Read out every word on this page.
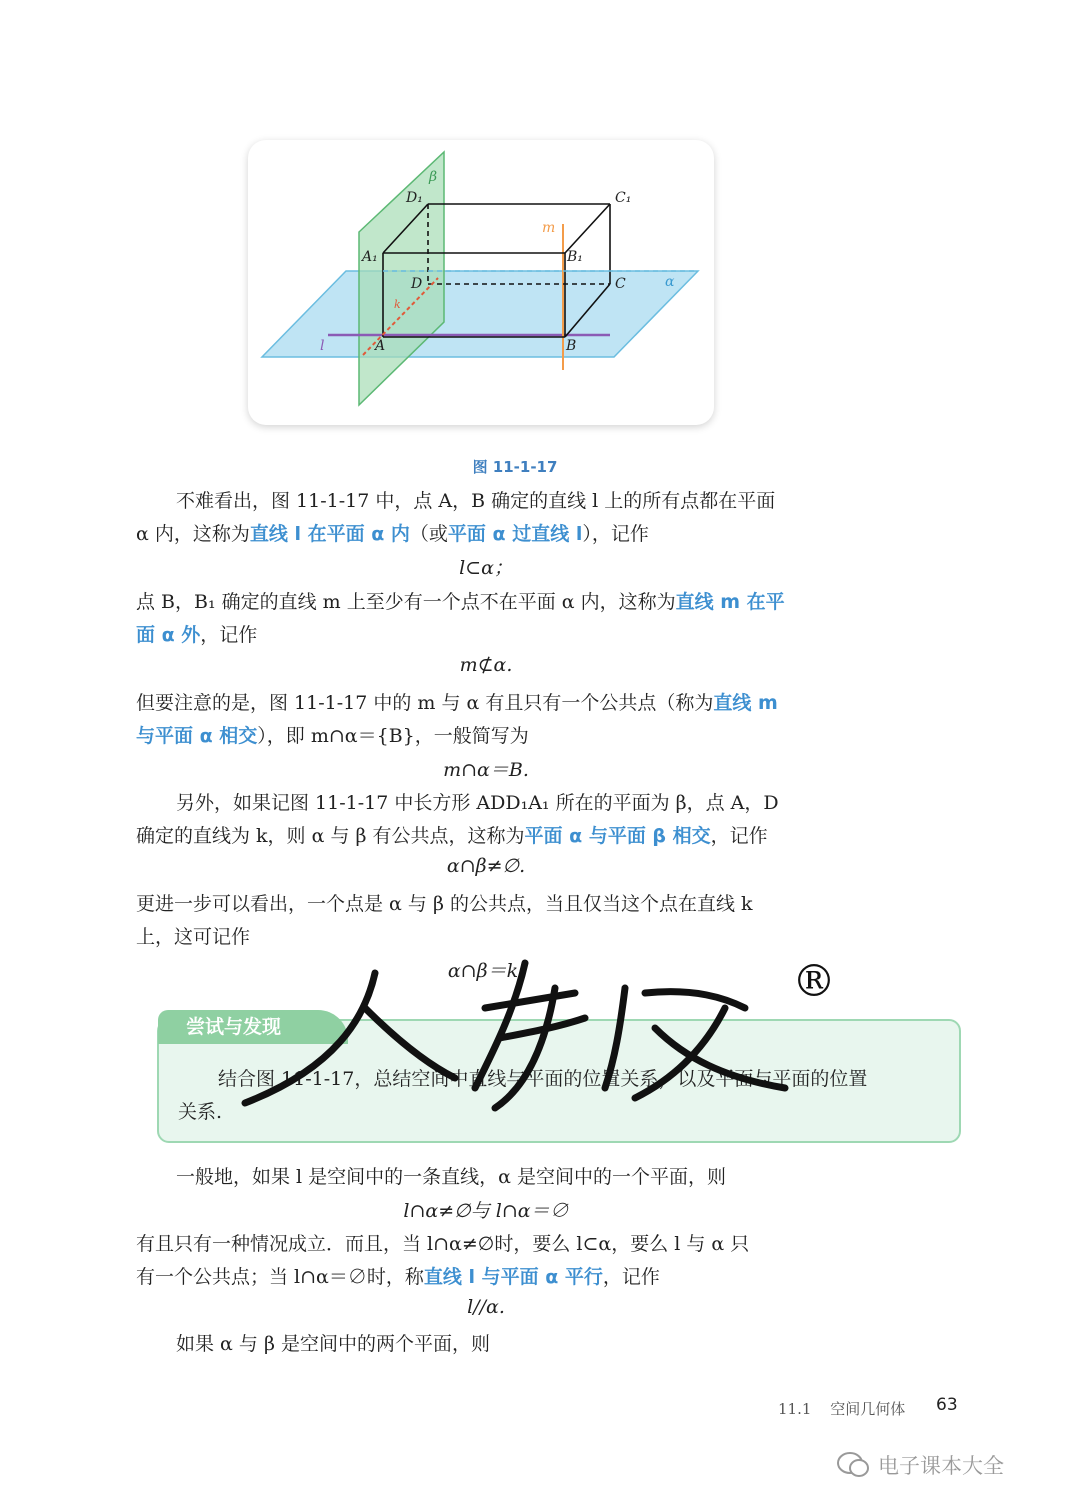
β
D₁	C₁
m
A₁	B₁
D	C	α
k
l	A	B
图 11-1-17
不难看出，图 11-1-17 中，点 A，B 确定的直线 l 上的所有点都在平面
α 内，这称为直线 l 在平面 α 内（或平面 α 过直线 l），记作
l⊂α；
点 B，B₁ 确定的直线 m 上至少有一个点不在平面 α 内，这称为直线 m 在平
面 α 外，记作
m⊄α.
但要注意的是，图 11-1-17 中的 m 与 α 有且只有一个公共点（称为直线 m
与平面 α 相交），即 m∩α＝{B}，一般简写为
m∩α＝B.
另外，如果记图 11-1-17 中长方形 ADD₁A₁ 所在的平面为 β，点 A，D
确定的直线为 k，则 α 与 β 有公共点，这称为平面 α 与平面 β 相交，记作
α∩β≠∅.
更进一步可以看出，一个点是 α 与 β 的公共点，当且仅当这个点在直线 k
上，这可记作
α∩β＝k.
尝试与发现
结合图 11-1-17，总结空间中直线与平面的位置关系，以及平面与平面的位置
关系.
®
一般地，如果 l 是空间中的一条直线，α 是空间中的一个平面，则
l∩α≠∅与 l∩α＝∅
有且只有一种情况成立．而且，当 l∩α≠∅时，要么 l⊂α，要么 l 与 α 只
有一个公共点；当 l∩α＝∅时，称直线 l 与平面 α 平行，记作
l//α.
如果 α 与 β 是空间中的两个平面，则
11.1 空间几何体 63
电子课本大全
